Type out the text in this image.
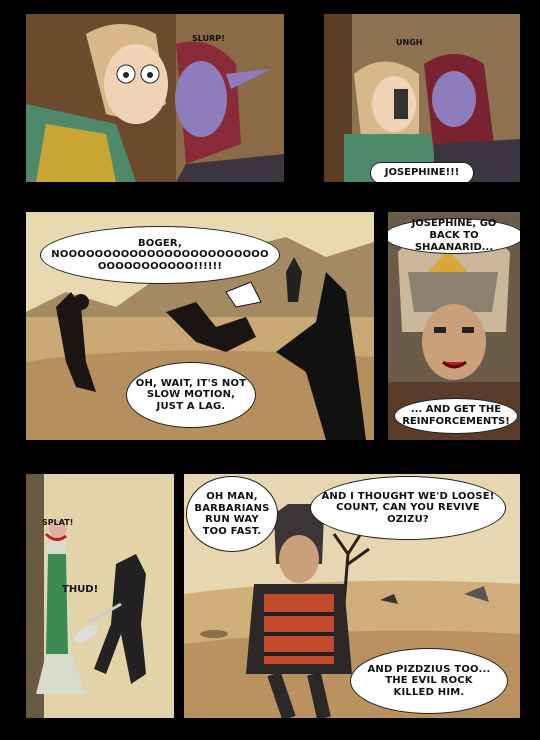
SLURP!	UNGH
JOSEPHINE!!!
BOGER,
NOOOOOOOOOOOOOOOOOOOOOOOO
OOOOOOOOOOO!!!!!!
OH, WAIT, IT'S NOT
SLOW MOTION,
JUST A LAG.
JOSEPHINE, GO
BACK TO SHAANARID...
... AND GET THE
REINFORCEMENTS!
SPLAT!
THUD!
OH MAN,
BARBARIANS
RUN WAY
TOO FAST.
AND I THOUGHT WE'D LOOSE!
COUNT, CAN YOU REVIVE
OZIZU?
AND PIZDZIUS TOO...
THE EVIL ROCK
KILLED HIM.
